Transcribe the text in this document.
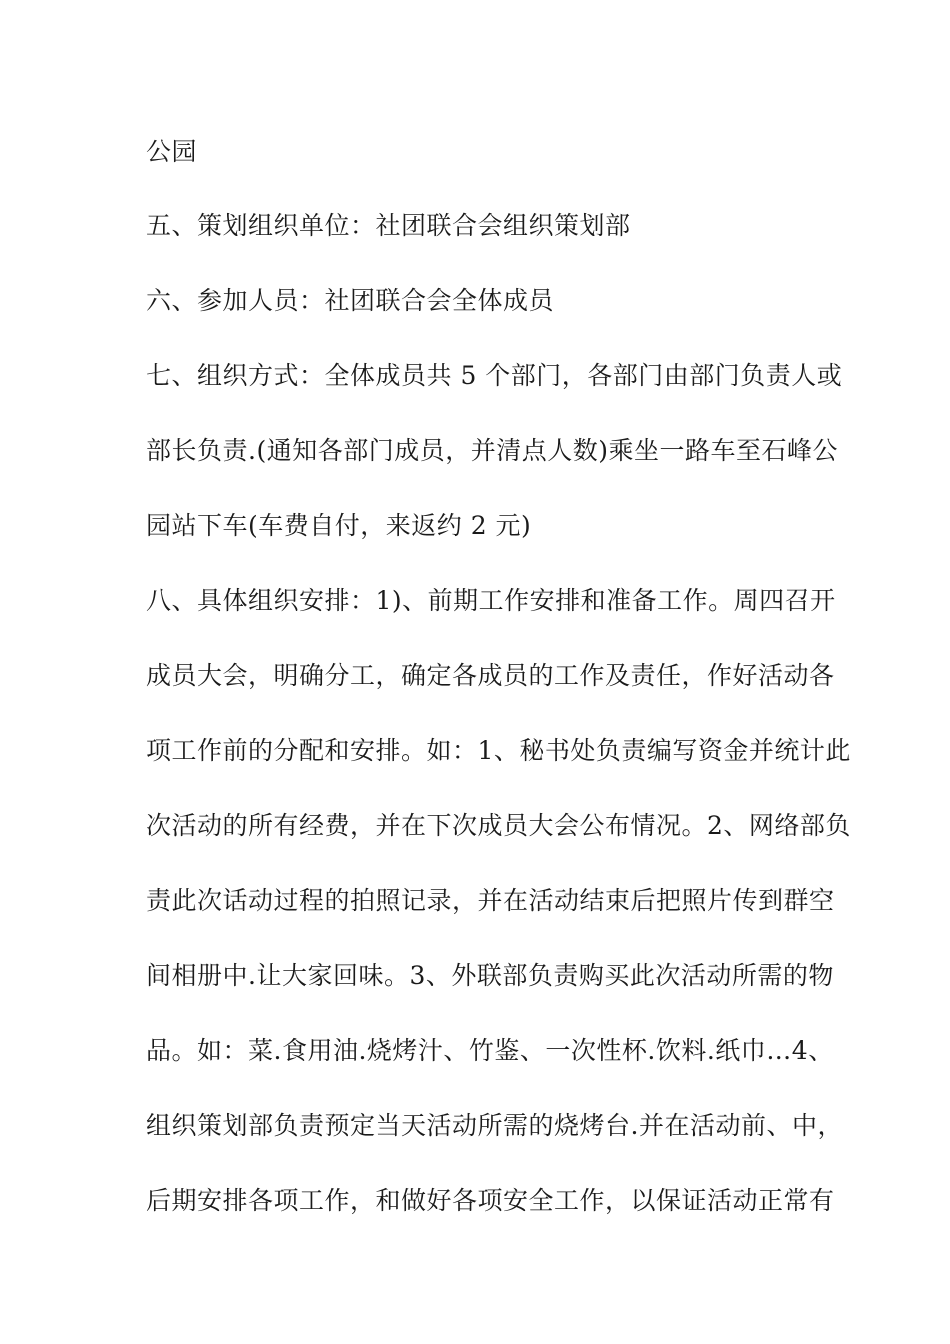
公园
五、策划组织单位：社团联合会组织策划部
六、参加人员：社团联合会全体成员
七、组织方式：全体成员共 5 个部门，各部门由部门负责人或
部长负责.(通知各部门成员，并清点人数)乘坐一路车至石峰公
园站下车(车费自付，来返约 2 元)
八、具体组织安排：1)、前期工作安排和准备工作。周四召开
成员大会，明确分工，确定各成员的工作及责任，作好活动各
项工作前的分配和安排。如：1、秘书处负责编写资金并统计此
次活动的所有经费，并在下次成员大会公布情况。2、网络部负
责此次话动过程的拍照记录，并在活动结束后把照片传到群空
间相册中.让大家回味。3、外联部负责购买此次活动所需的物
品。如：菜.食用油.烧烤汁、竹鉴、一次性杯.饮料.纸巾…4、
组织策划部负责预定当天活动所需的烧烤台.并在活动前、中，
后期安排各项工作，和做好各项安全工作，以保证活动正常有
